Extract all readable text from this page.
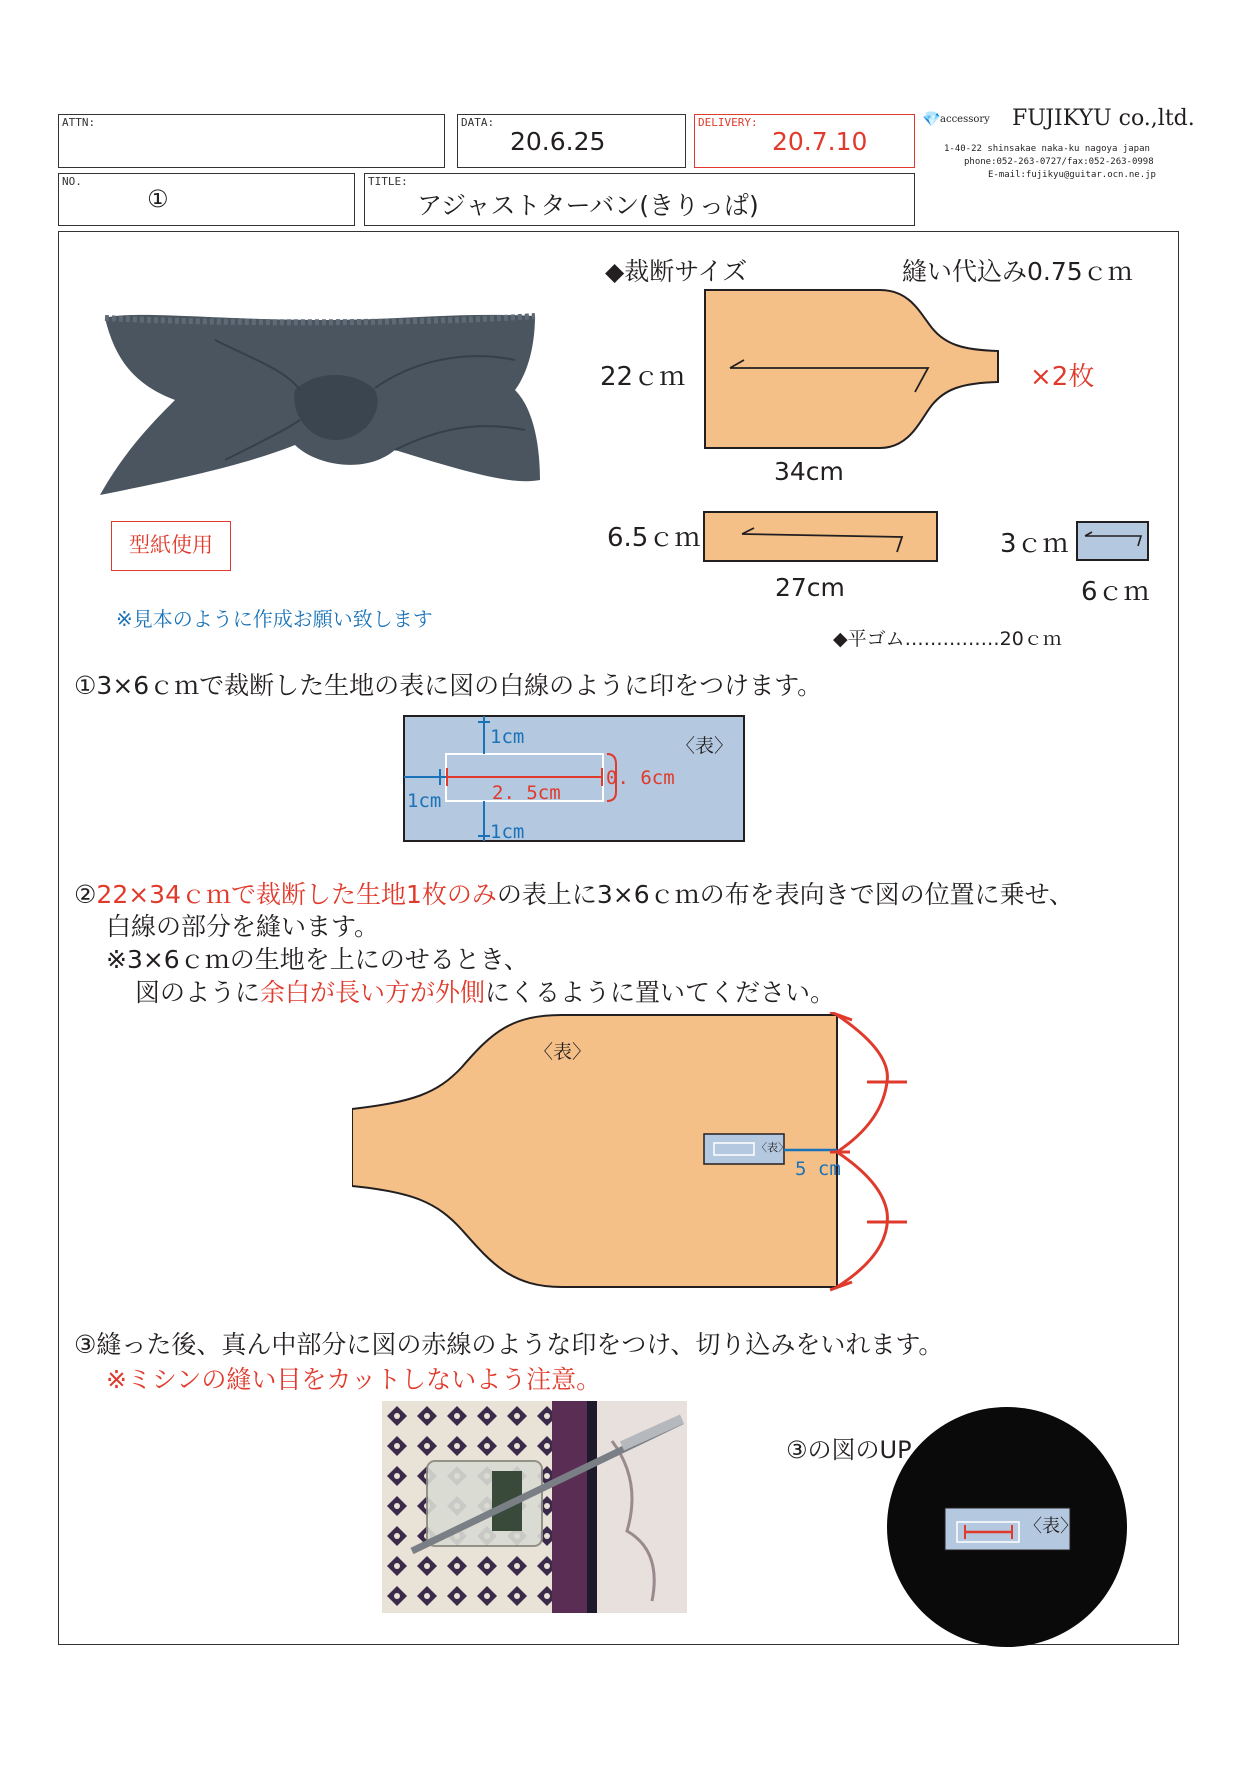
ATTN:	DATA:
20.6.25
DELIVERY:
20.7.10
NO.
①
TITLE:
アジャストターバン(きりっぱ)
💎 accessory FUJIKYU co.,ltd.
1-40-22 shinsakae naka-ku nagoya japan
phone:052-263-0727/fax:052-263-0998
E-mail:fujikyu@guitar.ocn.ne.jp
型紙使用
※見本のように作成お願い致します
◆裁断サイズ	縫い代込み0.75ｃｍ
22ｃｍ	×2枚
34cm
6.5ｃｍ
27cm
3ｃｍ
6ｃｍ
◆平ゴム……………20ｃｍ
①3×6ｃｍで裁断した生地の表に図の白線のように印をつけます。
1cm
1cm
1cm
2. 5cm
0. 6cm
〈表〉
②22×34ｃｍで裁断した生地1枚のみの表上に3×6ｃｍの布を表向きで図の位置に乗せ、
白線の部分を縫います。
※3×6ｃｍの生地を上にのせるとき、
図のように余白が長い方が外側にくるように置いてください。
〈表〉
〈表〉
5 cm
③縫った後、真ん中部分に図の赤線のような印をつけ、切り込みをいれます。
※ミシンの縫い目をカットしないよう注意。
③の図のUP
〈表〉
